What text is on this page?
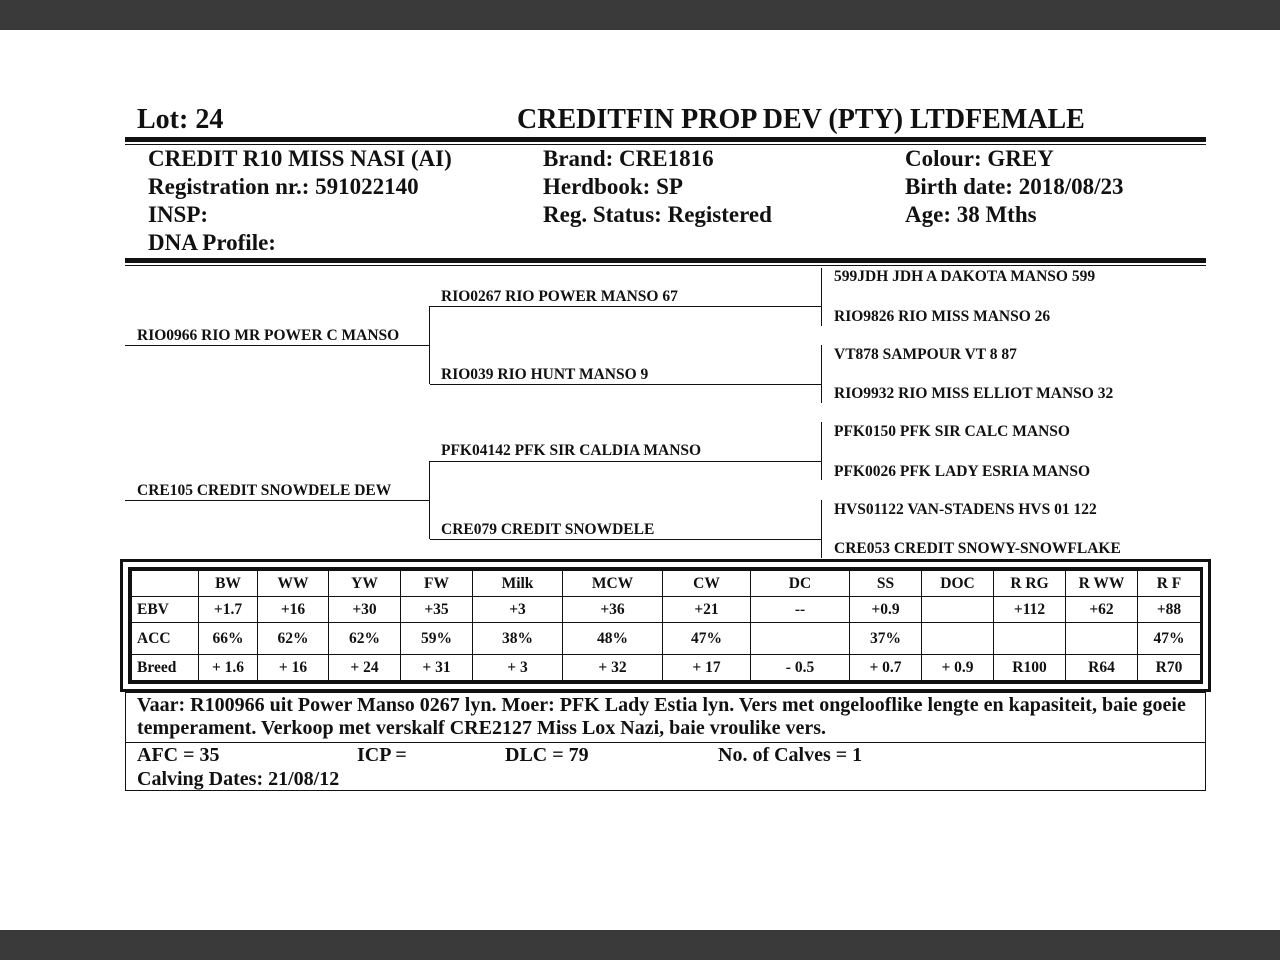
Lot: 24	CREDITFIN PROP DEV (PTY) LTDFEMALE
CREDIT R10 MISS NASI (AI)
Registration nr.: 591022140
INSP:
DNA Profile:
Brand: CRE1816
Herdbook: SP
Reg. Status: Registered
Colour: GREY
Birth date: 2018/08/23
Age: 38 Mths
RIO0966 RIO MR POWER C MANSO
CRE105 CREDIT SNOWDELE DEW
RIO0267 RIO POWER MANSO 67
RIO039 RIO HUNT MANSO 9
PFK04142 PFK SIR CALDIA MANSO
CRE079 CREDIT SNOWDELE
599JDH JDH A DAKOTA MANSO 599
RIO9826 RIO MISS MANSO 26
VT878 SAMPOUR VT 8 87
RIO9932 RIO MISS ELLIOT MANSO 32
PFK0150 PFK SIR CALC MANSO
PFK0026 PFK LADY ESRIA MANSO
HVS01122 VAN-STADENS HVS 01 122
CRE053 CREDIT SNOWY-SNOWFLAKE
	BW	WW	YW	FW	Milk	MCW	CW	DC	SS	DOC	R RG	R WW	R F
EBV	+1.7	+16	+30	+35	+3	+36	+21	--	+0.9		+112	+62	+88
ACC	66%	62%	62%	59%	38%	48%	47%		37%				47%
Breed	+ 1.6	+ 16	+ 24	+ 31	+ 3	+ 32	+ 17	- 0.5	+ 0.7	+ 0.9	R100	R64	R70
Vaar: R100966 uit Power Manso 0267 lyn. Moer: PFK Lady Estia lyn. Vers met ongelooflike lengte en kapasiteit, baie goeie temperament. Verkoop met verskalf CRE2127 Miss Lox Nazi, baie vroulike vers.
AFC = 35	ICP =	DLC = 79	No. of Calves = 1
Calving Dates: 21/08/12
